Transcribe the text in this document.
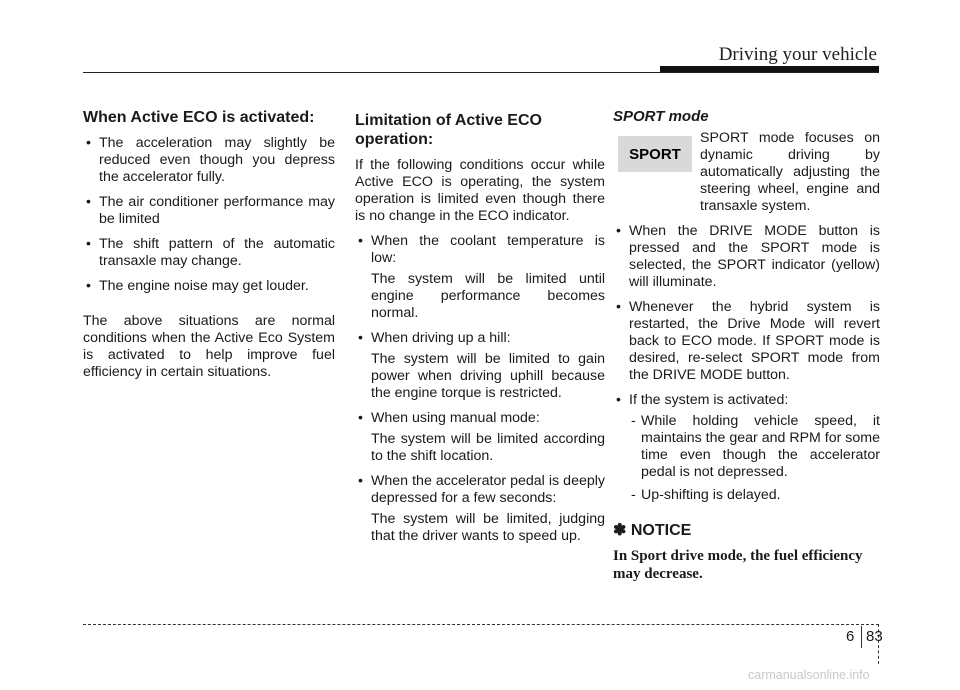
Driving your vehicle
When Active ECO is activated:
• The acceleration may slightly be reduced even though you depress the accelerator fully.
• The air conditioner performance may be limited
• The shift pattern of the automatic transaxle may change.
• The engine noise may get louder.

The above situations are normal conditions when the Active Eco System is activated to help improve fuel efficiency in certain situations.

Limitation of Active ECO operation:

If the following conditions occur while Active ECO is operating, the system operation is limited even though there is no change in the ECO indicator.

• When the coolant temperature is low:
The system will be limited until engine performance becomes normal.
• When driving up a hill:
The system will be limited to gain power when driving uphill because the engine torque is restricted.
• When using manual mode:
The system will be limited according to the shift location.
• When the accelerator pedal is deeply depressed for a few seconds:
The system will be limited, judging that the driver wants to speed up.
SPORT mode
SPORT

SPORT mode focuses on dynamic driving by automatically adjusting the steering wheel, engine and transaxle system.

• When the DRIVE MODE button is pressed and the SPORT mode is selected, the SPORT indicator (yellow) will illuminate.
• Whenever the hybrid system is restarted, the Drive Mode will revert back to ECO mode. If SPORT mode is desired, re-select SPORT mode from the DRIVE MODE button.
• If the system is activated:
- While holding vehicle speed, it maintains the gear and RPM for some time even though the accelerator pedal is not depressed.
- Up-shifting is delayed.
✽ NOTICE

In Sport drive mode, the fuel efficiency may decrease.

6 83
carmanualsonline.info
